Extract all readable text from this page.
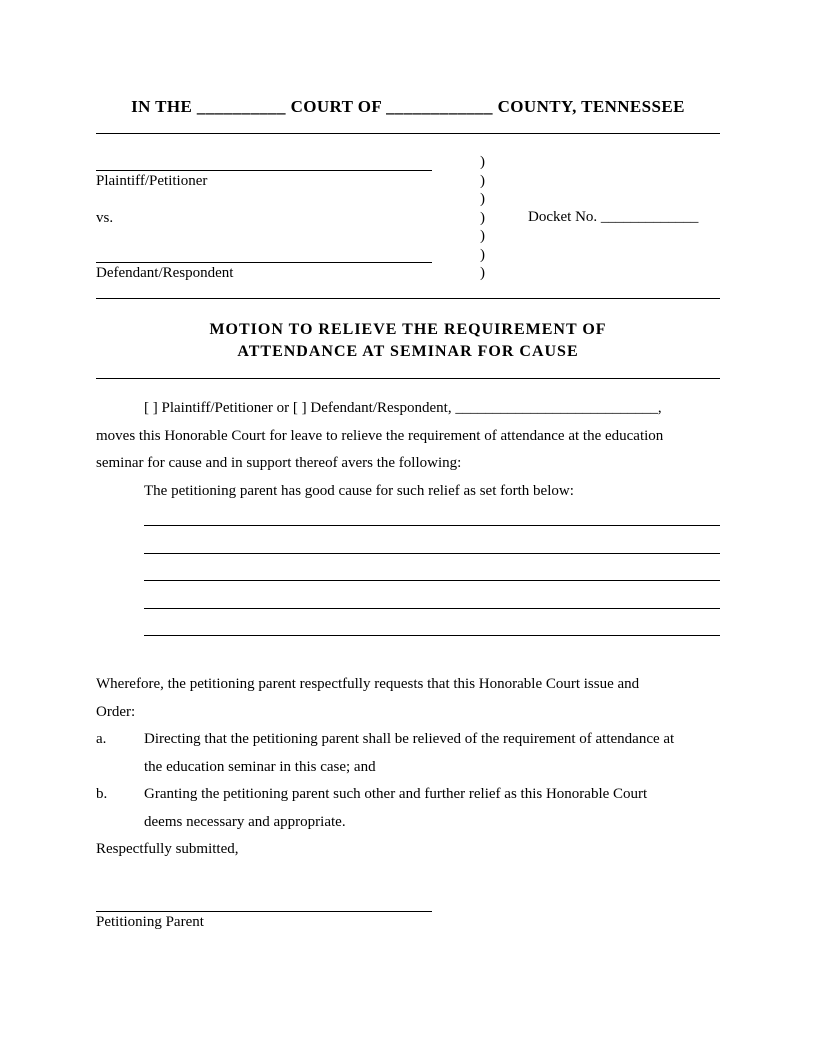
IN THE __________ COURT OF ____________ COUNTY, TENNESSEE
Plaintiff/Petitioner
vs.
Defendant/Respondent
)
)
)
)
)
)
)
Docket No. _____________
MOTION TO RELIEVE THE REQUIREMENT OF
ATTENDANCE AT SEMINAR FOR CAUSE
[ ] Plaintiff/Petitioner or [ ] Defendant/Respondent, ___________________________,
moves this Honorable Court for leave to relieve the requirement of attendance at the education
seminar for cause and in support thereof avers the following:
The petitioning parent has good cause for such relief as set forth below:
Wherefore, the petitioning parent respectfully requests that this Honorable Court issue and
Order:
a.	Directing that the petitioning parent shall be relieved of the requirement of attendance at
the education seminar in this case; and
b. Granting the petitioning parent such other and further relief as this Honorable Court
deems necessary and appropriate.
Respectfully submitted,
Petitioning Parent
